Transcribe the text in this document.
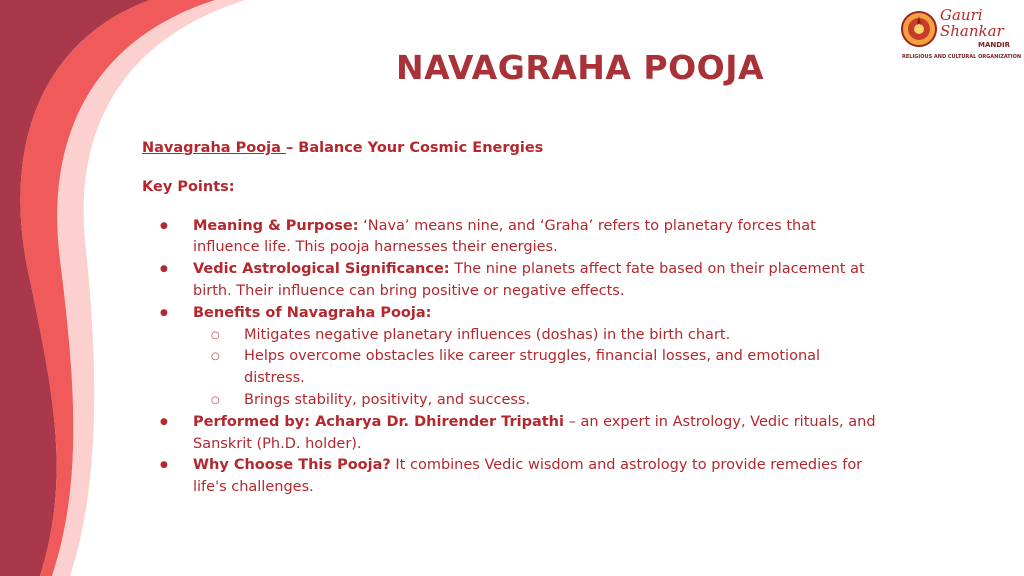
NAVAGRAHA POOJA
Gauri
Shankar
MANDIR
RELIGIOUS AND CULTURAL ORGANIZATION

Navagraha Pooja – Balance Your Cosmic Energies

Key Points:

● Meaning & Purpose: ‘Nava’ means nine, and ‘Graha’ refers to planetary forces that influence life. This pooja harnesses their energies.
● Vedic Astrological Significance: The nine planets affect fate based on their placement at birth. Their influence can bring positive or negative effects.
● Benefits of Navagraha Pooja:
○ Mitigates negative planetary influences (doshas) in the birth chart.
○ Helps overcome obstacles like career struggles, financial losses, and emotional distress.
○ Brings stability, positivity, and success.
● Performed by: Acharya Dr. Dhirender Tripathi – an expert in Astrology, Vedic rituals, and Sanskrit (Ph.D. holder).
● Why Choose This Pooja? It combines Vedic wisdom and astrology to provide remedies for life's challenges.
